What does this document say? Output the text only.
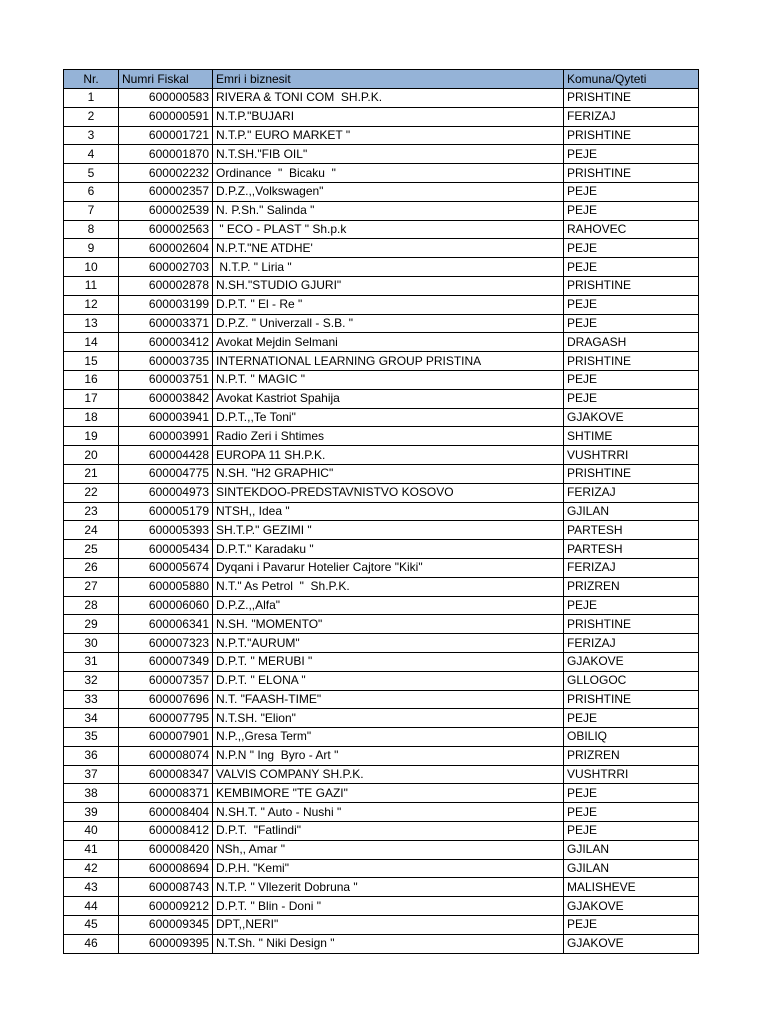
Nr.	Numri Fiskal	Emri i biznesit	Komuna/Qyteti
1	600000583	RIVERA & TONI COM  SH.P.K.	PRISHTINE
2	600000591	N.T.P."BUJARI	FERIZAJ
3	600001721	N.T.P." EURO MARKET "	PRISHTINE
4	600001870	N.T.SH."FIB OIL"	PEJE
5	600002232	Ordinance  "  Bicaku  "	PRISHTINE
6	600002357	D.P.Z.,,Volkswagen"	PEJE
7	600002539	N. P.Sh." Salinda "	PEJE
8	600002563	" ECO - PLAST " Sh.p.k	RAHOVEC
9	600002604	N.P.T."NE ATDHE'	PEJE
10	600002703	N.T.P. " Liria "	PEJE
11	600002878	N.SH."STUDIO GJURI"	PRISHTINE
12	600003199	D.P.T. " El - Re "	PEJE
13	600003371	D.P.Z. " Univerzall - S.B. "	PEJE
14	600003412	Avokat Mejdin Selmani	DRAGASH
15	600003735	INTERNATIONAL LEARNING GROUP PRISTINA	PRISHTINE
16	600003751	N.P.T. " MAGIC "	PEJE
17	600003842	Avokat Kastriot Spahija	PEJE
18	600003941	D.P.T.,,Te Toni"	GJAKOVE
19	600003991	Radio Zeri i Shtimes	SHTIME
20	600004428	EUROPA 11 SH.P.K.	VUSHTRRI
21	600004775	N.SH. "H2 GRAPHIC"	PRISHTINE
22	600004973	SINTEKDOO-PREDSTAVNISTVO KOSOVO	FERIZAJ
23	600005179	NTSH,, Idea "	GJILAN
24	600005393	SH.T.P." GEZIMI "	PARTESH
25	600005434	D.P.T." Karadaku "	PARTESH
26	600005674	Dyqani i Pavarur Hotelier Cajtore "Kiki"	FERIZAJ
27	600005880	N.T." As Petrol  "  Sh.P.K.	PRIZREN
28	600006060	D.P.Z.,,Alfa"	PEJE
29	600006341	N.SH. "MOMENTO"	PRISHTINE
30	600007323	N.P.T."AURUM"	FERIZAJ
31	600007349	D.P.T. " MERUBI "	GJAKOVE
32	600007357	D.P.T. " ELONA "	GLLOGOC
33	600007696	N.T. "FAASH-TIME"	PRISHTINE
34	600007795	N.T.SH. "Elion"	PEJE
35	600007901	N.P.,,Gresa Term"	OBILIQ
36	600008074	N.P.N " Ing  Byro - Art "	PRIZREN
37	600008347	VALVIS COMPANY SH.P.K.	VUSHTRRI
38	600008371	KEMBIMORE "TE GAZI"	PEJE
39	600008404	N.SH.T. " Auto - Nushi "	PEJE
40	600008412	D.P.T.  "Fatlindi"	PEJE
41	600008420	NSh,, Amar "	GJILAN
42	600008694	D.P.H. "Kemi"	GJILAN
43	600008743	N.T.P. " Vllezerit Dobruna "	MALISHEVE
44	600009212	D.P.T. " Blin - Doni "	GJAKOVE
45	600009345	DPT,,NERI"	PEJE
46	600009395	N.T.Sh. " Niki Design "	GJAKOVE
